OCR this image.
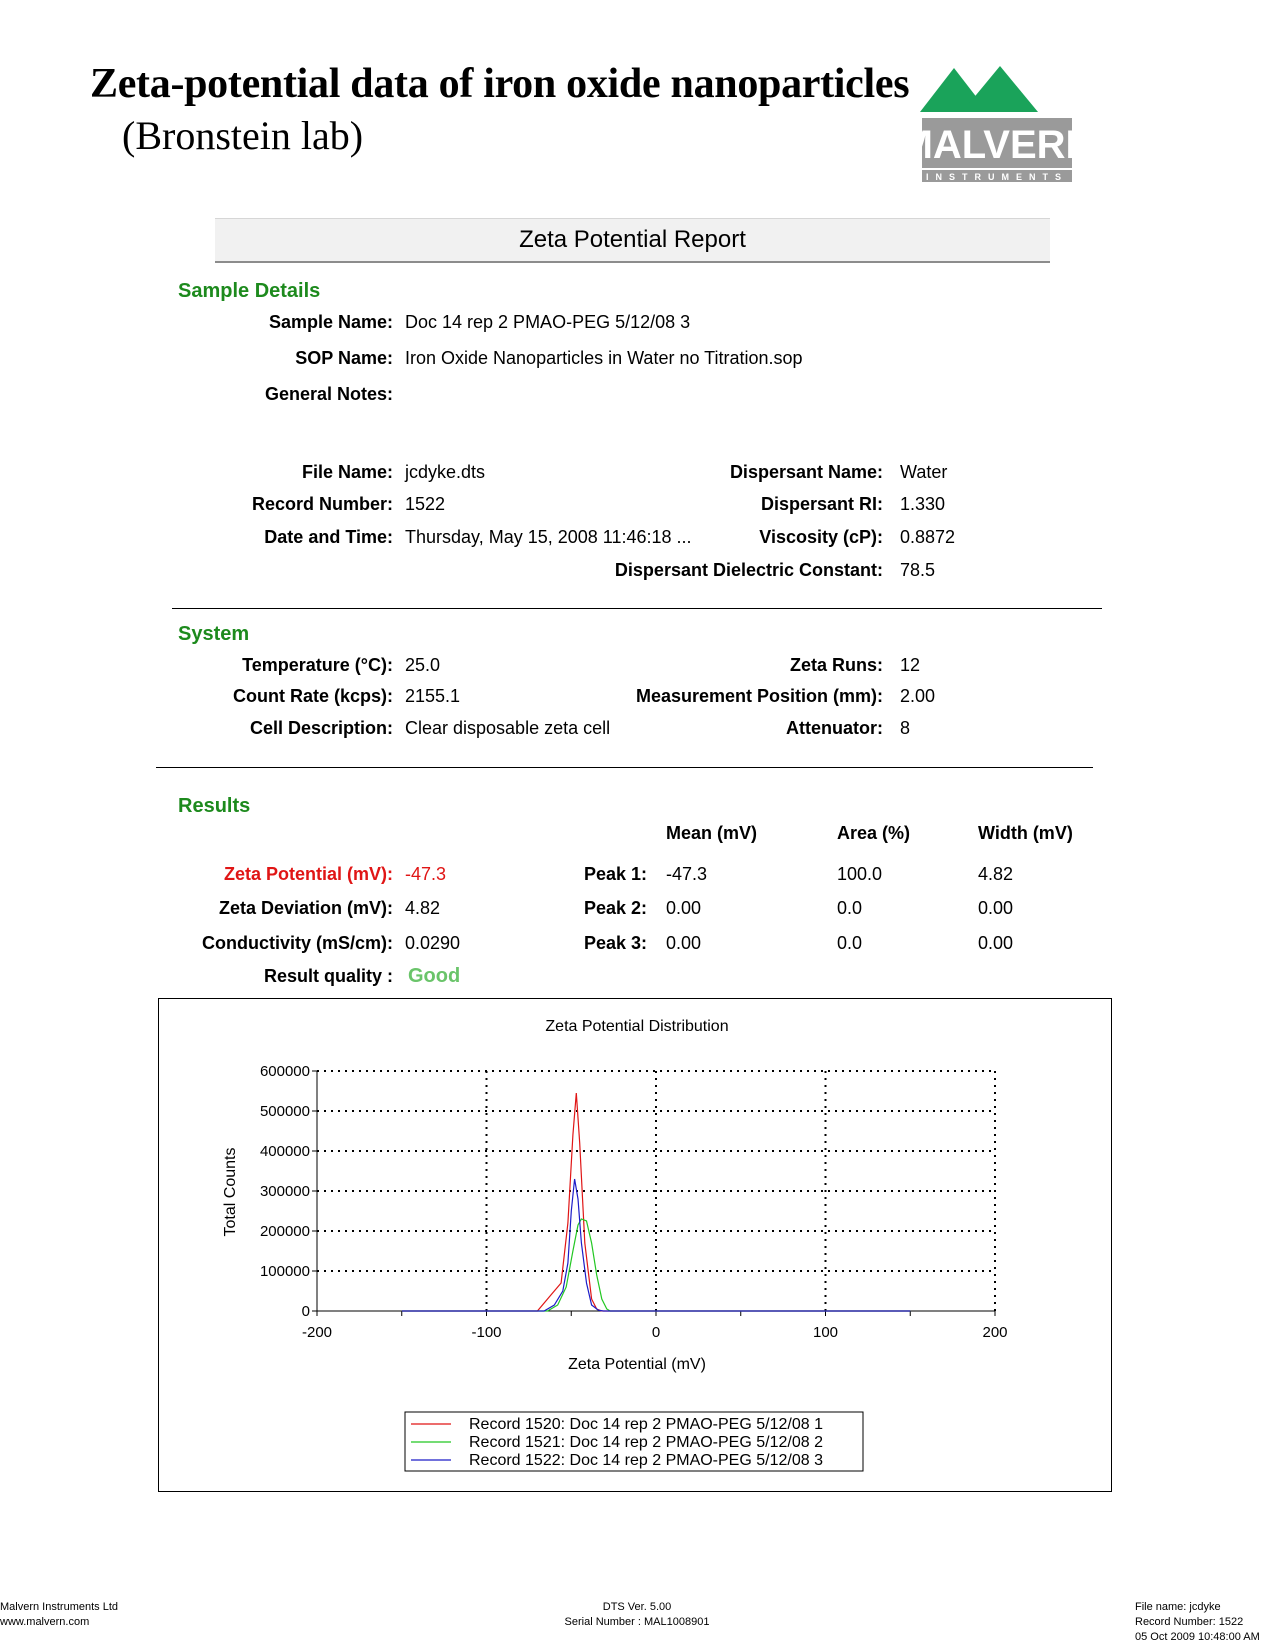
Zeta-potential data of iron oxide nanoparticles
(Bronstein lab)	MALVERN
INSTRUMENTS
Zeta Potential Report
Sample Details
Sample Name: Doc 14 rep 2 PMAO-PEG 5/12/08 3
SOP Name: Iron Oxide Nanoparticles in Water no Titration.sop
General Notes:
File Name: jcdyke.dts
Record Number: 1522
Date and Time: Thursday, May 15, 2008 11:46:18 ...
Dispersant Name: Water
Dispersant RI: 1.330
Viscosity (cP): 0.8872
Dispersant Dielectric Constant: 78.5
System
Temperature (°C): 25.0
Count Rate (kcps): 2155.1
Cell Description: Clear disposable zeta cell
Zeta Runs: 12
Measurement Position (mm): 2.00
Attenuator: 8
Results
Mean (mV)	Area (%)	Width (mV)
Zeta Potential (mV): -47.3
Zeta Deviation (mV): 4.82
Conductivity (mS/cm): 0.0290
Result quality : Good
Peak 1: -47.3	100.0	4.82
Peak 2: 0.00	0.0	0.00
Peak 3: 0.00	0.0	0.00
Zeta Potential Distribution
0
100000
200000
300000
400000
500000
600000
-200	-100	0	100	200
Zeta Potential (mV)
Total Counts
Record 1520: Doc 14 rep 2 PMAO-PEG 5/12/08 1
Record 1521: Doc 14 rep 2 PMAO-PEG 5/12/08 2
Record 1522: Doc 14 rep 2 PMAO-PEG 5/12/08 3
Malvern Instruments Ltd
www.malvern.com
DTS Ver. 5.00
Serial Number : MAL1008901
File name: jcdyke
Record Number: 1522
05 Oct 2009 10:48:00 AM
